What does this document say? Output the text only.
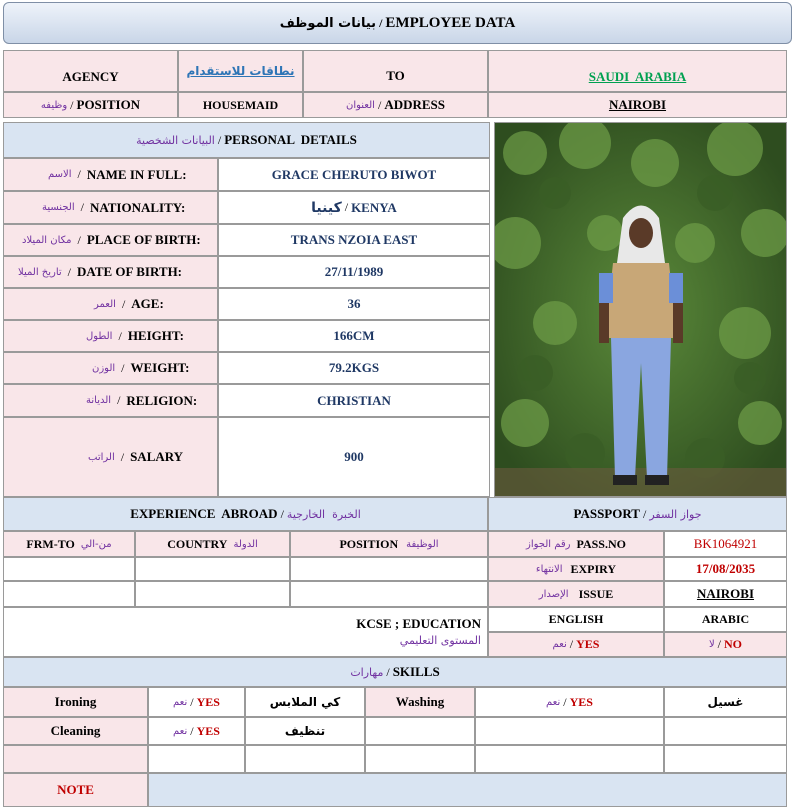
بيانات الموظف / EMPLOYEE DATA
AGENCY	نطاقات للاستقدام	TO	SAUDI  ARABIA
وظيفه / POSITION	HOUSEMAID	العنوان / ADDRESS	NAIROBI
البيانات الشخصية / PERSONAL  DETAILS
الاسم / NAME IN FULL:	GRACE CHERUTO BIWOT
الجنسية / NATIONALITY:	كينيا / KENYA
مكان الميلاد / PLACE OF BIRTH:	TRANS NZOIA EAST
تاريخ الميلا / DATE OF BIRTH:	27/11/1989
العمر / AGE:	36
الطول / HEIGHT:	166CM
الوزن / WEIGHT:	79.2KGS
الديانة / RELIGION:	CHRISTIAN
الراتب / SALARY	900
EXPERIENCE  ABROAD / الخبرة  الخارجية	PASSPORT / جواز السفر
FRM-TO من-الي	COUNTRY الدولة	POSITION الوظيفة	رقم الجواز PASS.NO	BK1064921
الانتهاء EXPIRY	17/08/2035
الإصدار ISSUE	NAIROBI
KCSE ; EDUCATION
المستوى التعليمي
ENGLISH	ARABIC
نعم / YES	لا / NO
مهارات / SKILLS
Ironing	نعم / YES	كي الملابس	Washing	نعم / YES	غسيل
Cleaning	نعم / YES	تنظيف
NOTE
